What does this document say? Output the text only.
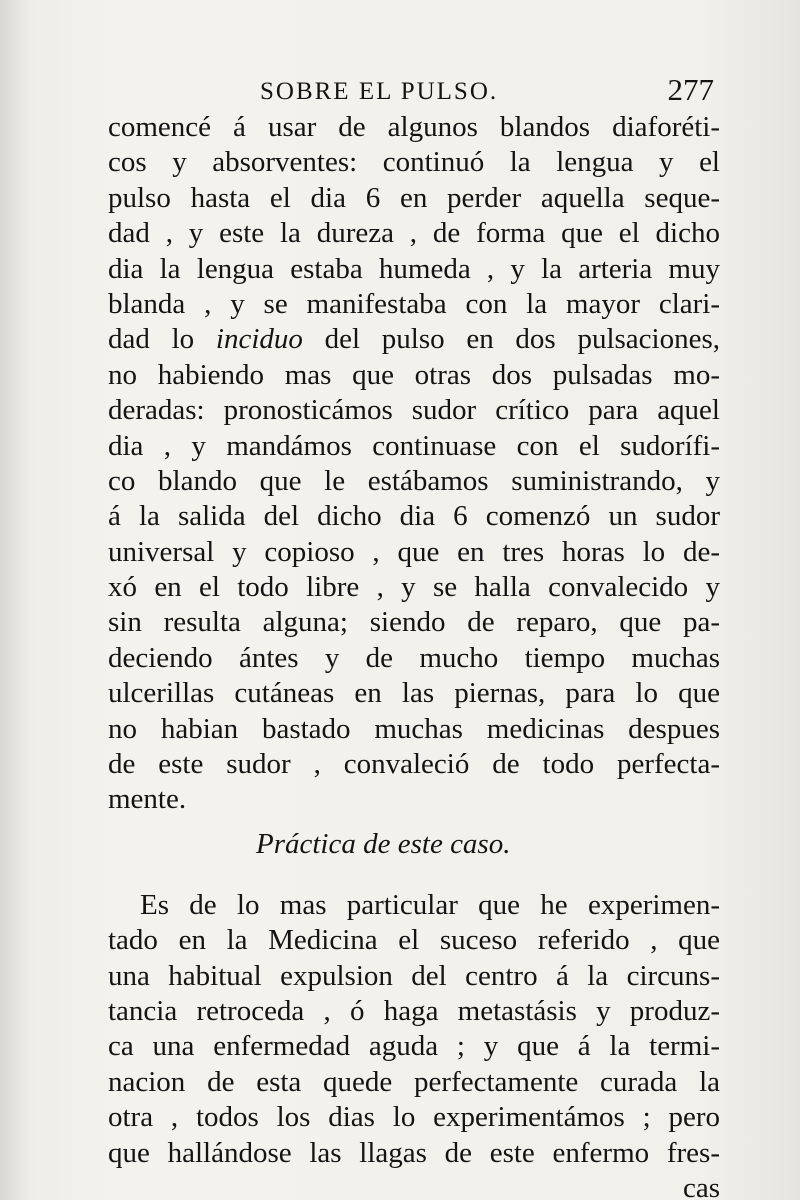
SOBRE EL PULSO.	277
comencé á usar de algunos blandos diaforéti-
cos y absorventes: continuó la lengua y el
pulso hasta el dia 6 en perder aquella seque-
dad , y este la dureza , de forma que el dicho
dia la lengua estaba humeda , y la arteria muy
blanda , y se manifestaba con la mayor clari-
dad lo inciduo del pulso en dos pulsaciones,
no habiendo mas que otras dos pulsadas mo-
deradas: pronosticámos sudor crítico para aquel
dia , y mandámos continuase con el sudorífi-
co blando que le estábamos suministrando, y
á la salida del dicho dia 6 comenzó un sudor
universal y copioso , que en tres horas lo de-
xó en el todo libre , y se halla convalecido y
sin resulta alguna; siendo de reparo, que pa-
deciendo ántes y de mucho tiempo muchas
ulcerillas cutáneas en las piernas, para lo que
no habian bastado muchas medicinas despues
de este sudor , convaleció de todo perfecta-
mente.
Práctica de este caso.
Es de lo mas particular que he experimen-
tado en la Medicina el suceso referido , que
una habitual expulsion del centro á la circuns-
tancia retroceda , ó haga metastásis y produz-
ca una enfermedad aguda ; y que á la termi-
nacion de esta quede perfectamente curada la
otra , todos los dias lo experimentámos ; pero
que hallándose las llagas de este enfermo fres-
cas
